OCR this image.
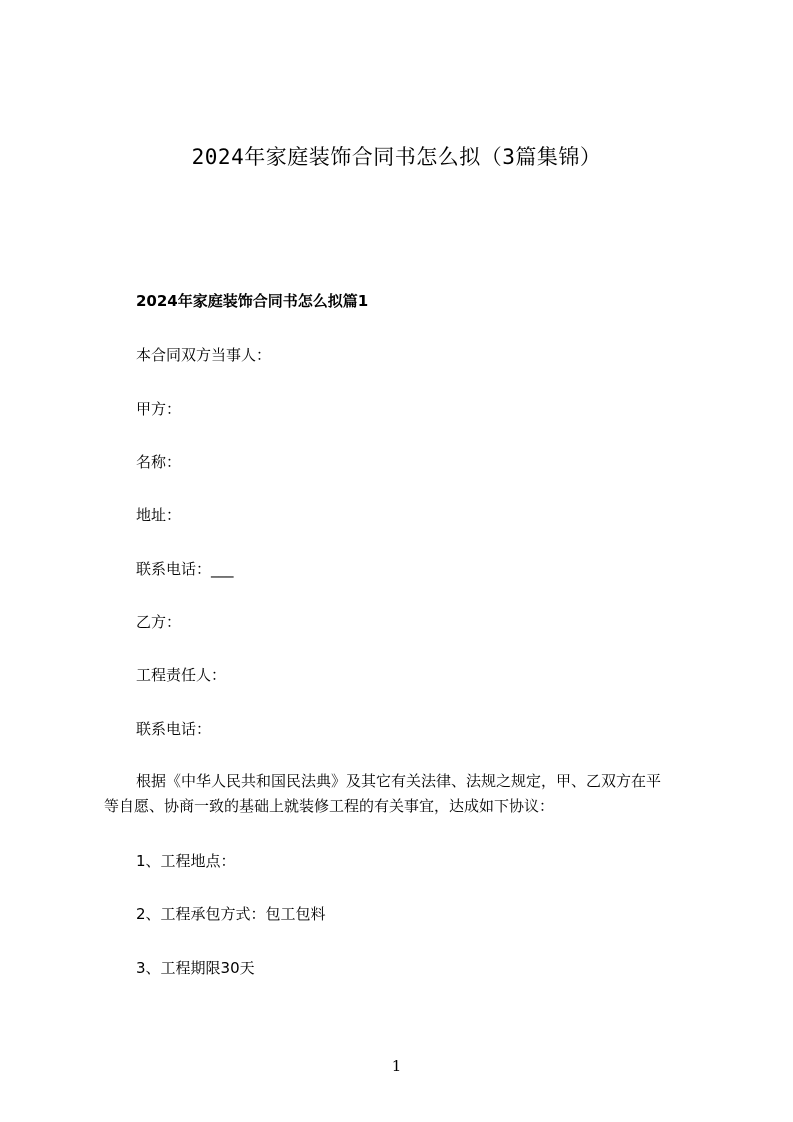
2024年家庭装饰合同书怎么拟（3篇集锦）
2024年家庭装饰合同书怎么拟篇1
本合同双方当事人：
甲方：
名称：
地址：
联系电话：___
乙方：
工程责任人：
联系电话：
根据《中华人民共和国民法典》及其它有关法律、法规之规定，甲、乙双方在平
等自愿、协商一致的基础上就装修工程的有关事宜，达成如下协议：
1、工程地点：
2、工程承包方式：包工包料
3、工程期限30天
1
